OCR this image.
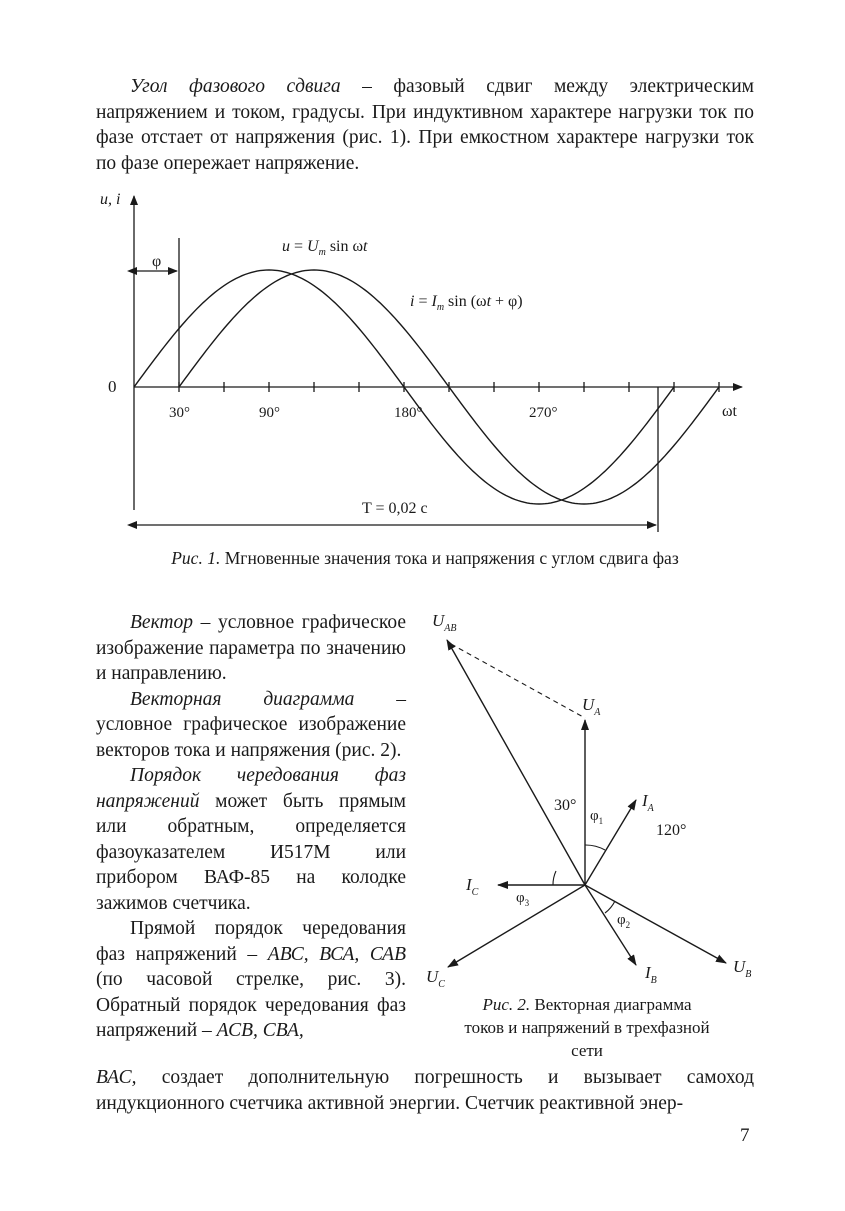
Угол фазового сдвига – фазовый сдвиг между электрическим напряжением и током, градусы. При индуктивном характере нагрузки ток по фазе отстает от напряжения (рис. 1). При емкостном характере нагрузки ток по фазе опережает напряжение.

u, i
0
φ
$u = U_m$ sin ωt
$i = I_m$ sin (ωt + φ)
30°	90°	180°	270°	ωt
T = 0,02 с
Рис. 1. Мгновенные значения тока и напряжения с углом сдвига фаз

Вектор – условное графическое изображение параметра по значению и направлению.

Векторная диаграмма – условное графическое изображение векторов тока и напряжения (рис. 2).

Порядок чередования фаз напряжений может быть прямым или обратным, определяется фазоуказателем И517М или прибором ВАФ-85 на колодке зажимов счетчика.

Прямой порядок чередования фаз напряжений – АВС, ВСА, САВ (по часовой стрелке, рис. 3). Обратный порядок чередования фаз напряжений – АСВ, СВА,

$U_{AB}$
$U_A$
$I_A$
$I_C$
$U_C$
$I_B$
$U_B$
30°
120°
$\varphi_1$
$\varphi_2$
$\varphi_3$
Рис. 2. Векторная диаграмма
токов и напряжений в трехфазной
сети

ВАС, создает дополнительную погрешность и вызывает самоход индукционного счетчика активной энергии. Счетчик реактивной энер-

7
